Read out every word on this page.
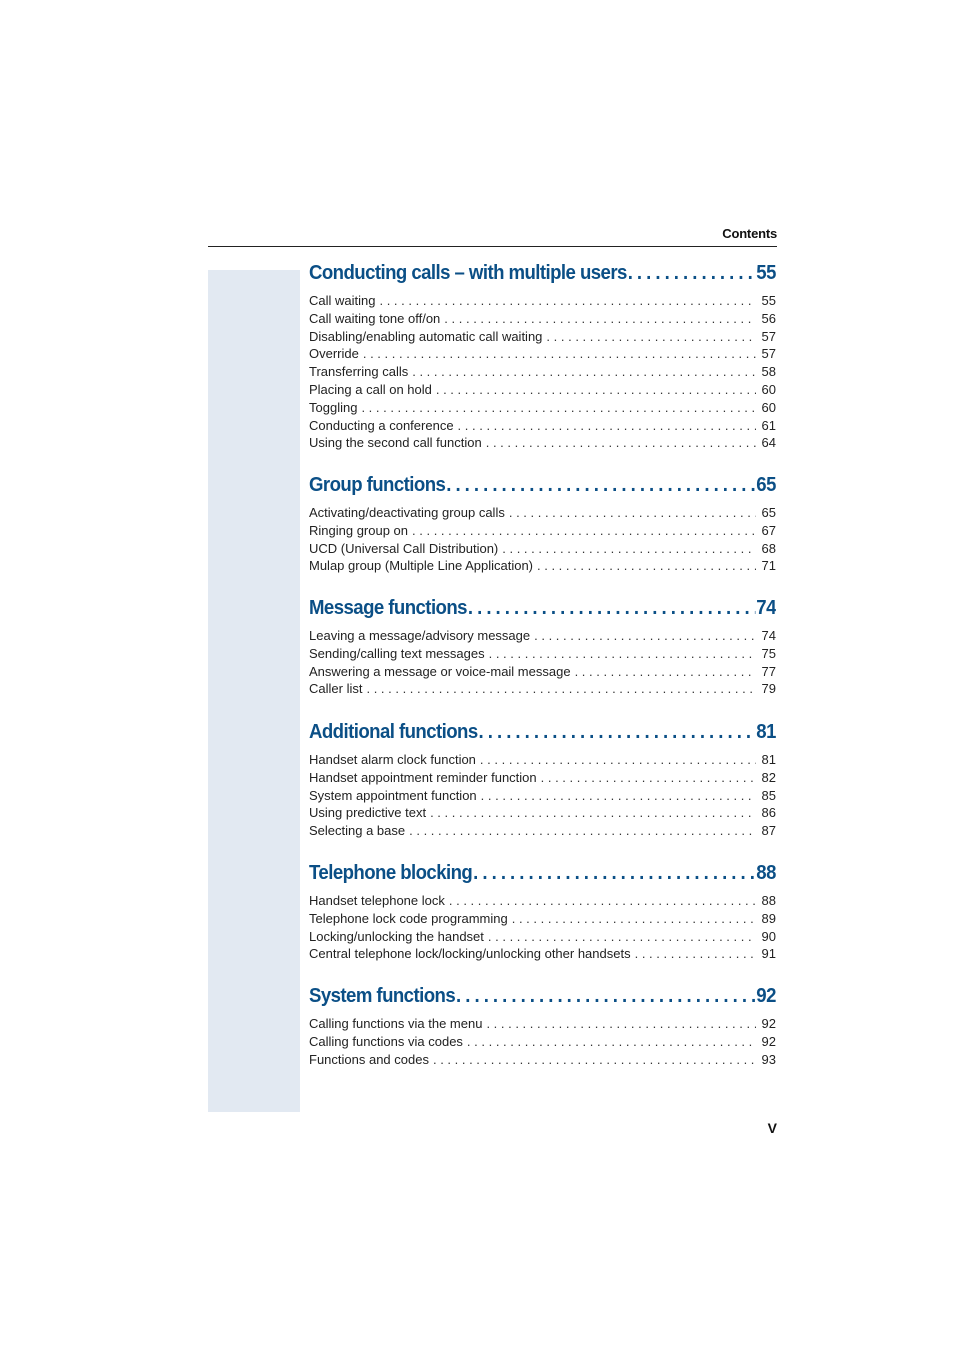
Contents
Conducting calls – with multiple users . . .	55
Call waiting . . .	55
Call waiting tone off/on . . .	56
Disabling/enabling automatic call waiting . . .	57
Override . . .	57
Transferring calls . . .	58
Placing a call on hold . . .	60
Toggling . . .	60
Conducting a conference . . .	61
Using the second call function . . .	64
Group functions . . .	65
Activating/deactivating group calls . . .	65
Ringing group on . . .	67
UCD (Universal Call Distribution) . . .	68
Mulap group (Multiple Line Application) . . .	71
Message functions . . .	74
Leaving a message/advisory message . . .	74
Sending/calling text messages . . .	75
Answering a message or voice-mail message . . .	77
Caller list . . .	79
Additional functions . . .	81
Handset alarm clock function . . .	81
Handset appointment reminder function . . .	82
System appointment function . . .	85
Using predictive text . . .	86
Selecting a base . . .	87
Telephone blocking . . .	88
Handset telephone lock . . .	88
Telephone lock code programming . . .	89
Locking/unlocking the handset . . .	90
Central telephone lock/locking/unlocking other handsets . . .	91
System functions . . .	92
Calling functions via the menu . . .	92
Calling functions via codes . . .	92
Functions and codes . . .	93
V
